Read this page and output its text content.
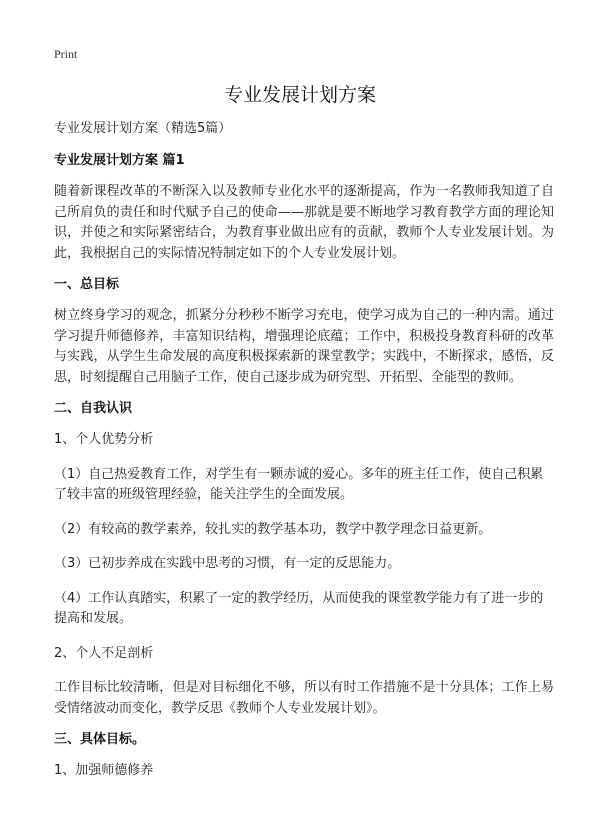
Print
专业发展计划方案

专业发展计划方案（精选5篇）

专业发展计划方案 篇1

随着新课程改革的不断深入以及教师专业化水平的逐渐提高，作为一名教师我知道了自己所肩负的责任和时代赋予自己的使命——那就是要不断地学习教育教学方面的理论知识，并使之和实际紧密结合，为教育事业做出应有的贡献，教师个人专业发展计划。为此，我根据自己的实际情况特制定如下的个人专业发展计划。

一、总目标

树立终身学习的观念，抓紧分分秒秒不断学习充电，使学习成为自己的一种内需。通过学习提升师德修养，丰富知识结构，增强理论底蕴；工作中，积极投身教育科研的改革与实践，从学生生命发展的高度积极探索新的课堂教学；实践中，不断探求，感悟，反思，时刻提醒自己用脑子工作，使自己逐步成为研究型、开拓型、全能型的教师。

二、自我认识

1、个人优势分析

（1）自己热爱教育工作，对学生有一颗赤诚的爱心。多年的班主任工作，使自己积累了较丰富的班级管理经验，能关注学生的全面发展。

（2）有较高的教学素养，较扎实的教学基本功，教学中教学理念日益更新。

（3）已初步养成在实践中思考的习惯，有一定的反思能力。

（4）工作认真踏实，积累了一定的教学经历，从而使我的课堂教学能力有了进一步的提高和发展。

2、个人不足剖析

工作目标比较清晰，但是对目标细化不够，所以有时工作措施不是十分具体；工作上易受情绪波动而变化，教学反思《教师个人专业发展计划》。

三、具体目标。

1、加强师德修养
